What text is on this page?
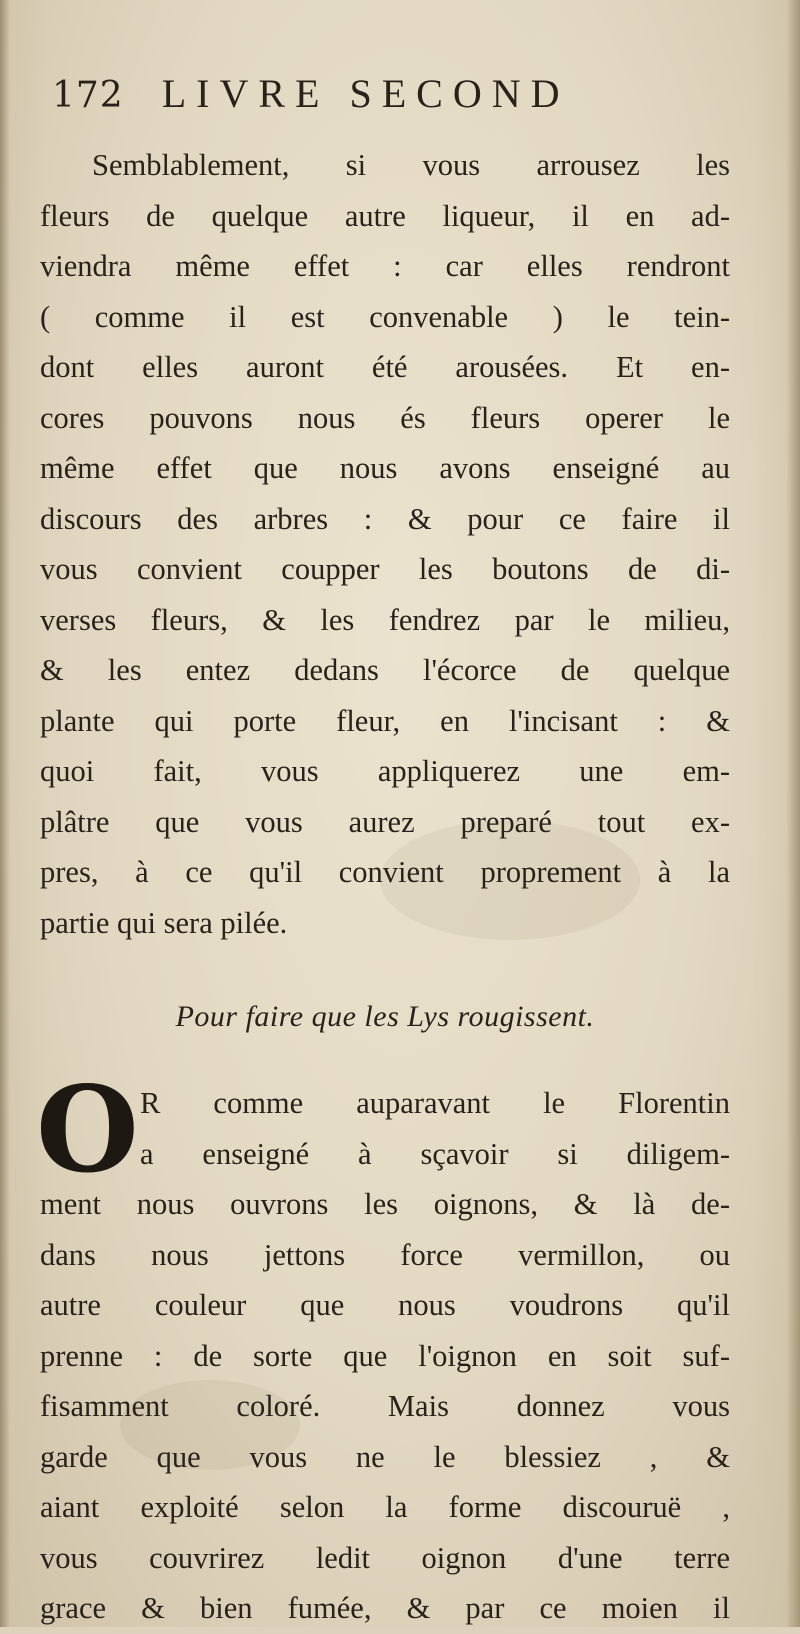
172 LIVRE SECOND

Semblablement, si vous arrousez les
fleurs de quelque autre liqueur, il en ad-
viendra même effet : car elles rendront
( comme il est convenable ) le tein-
dont elles auront été arousées. Et en-
cores pouvons nous és fleurs operer le
même effet que nous avons enseigné au
discours des arbres : & pour ce faire il
vous convient coupper les boutons de di-
verses fleurs, & les fendrez par le milieu,
& les entez dedans l'écorce de quelque
plante qui porte fleur, en l'incisant : &
quoi fait, vous appliquerez une em-
plâtre que vous aurez preparé tout ex-
pres, à ce qu'il convient proprement à la
partie qui sera pilée.

Pour faire que les Lys rougissent.

O R comme auparavant le Florentin
a enseigné à sçavoir si diligem-
ment nous ouvrons les oignons, & là de-
dans nous jettons force vermillon, ou
autre couleur que nous voudrons qu'il
prenne : de sorte que l'oignon en soit suf-
fisamment coloré. Mais donnez vous
garde que vous ne le blessiez , &
aiant exploité selon la forme discouruë ,
vous couvrirez ledit oignon d'une terre
grace & bien fumée, & par ce moien il
